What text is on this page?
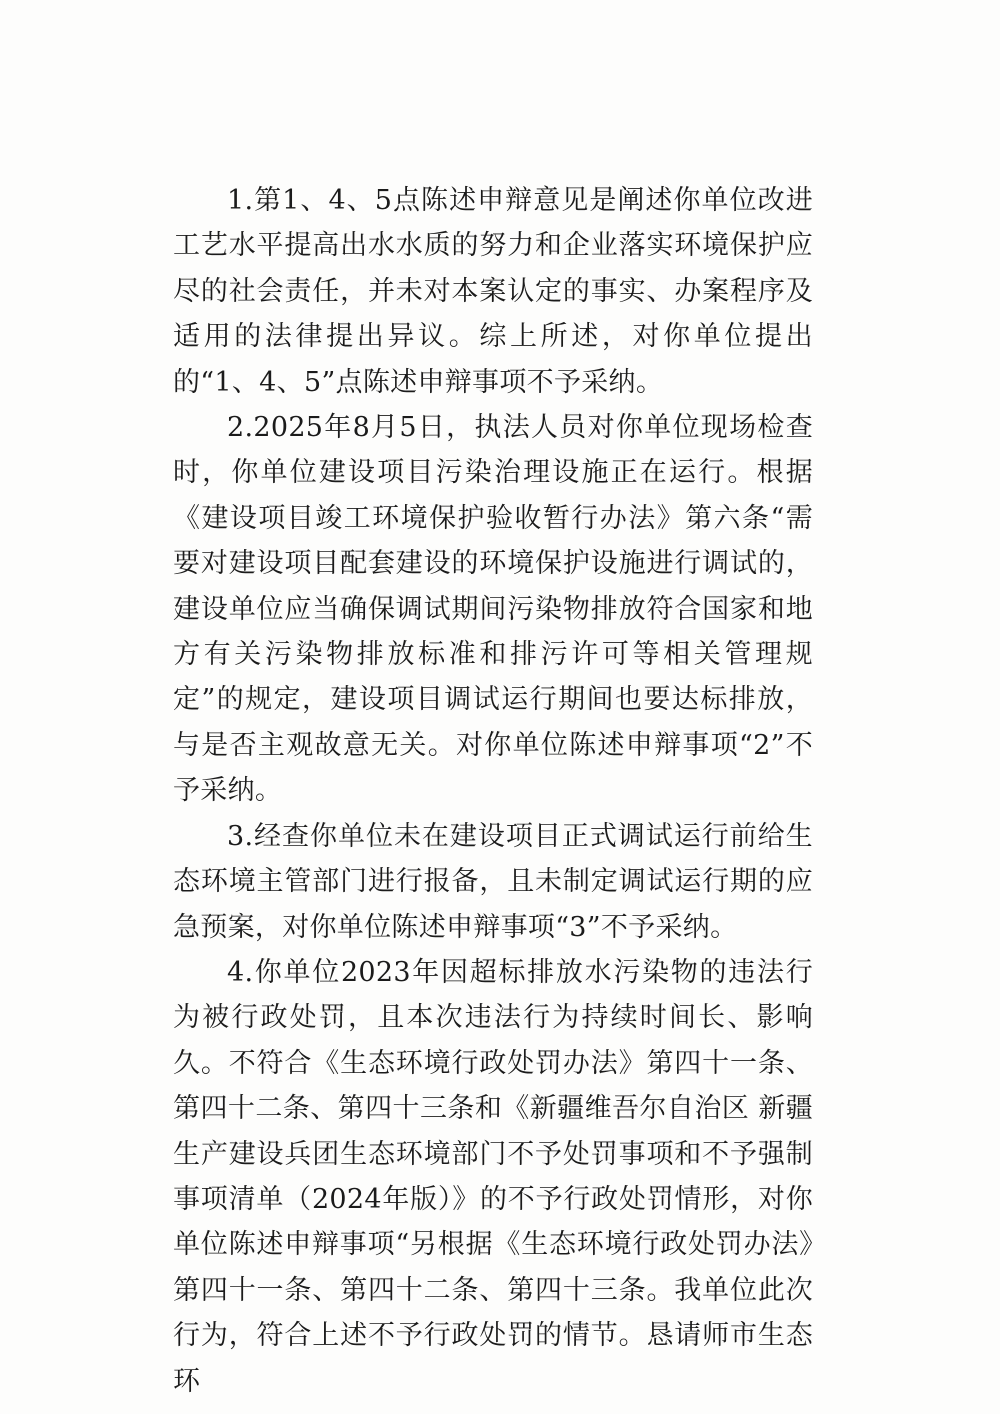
1.第1、4、5点陈述申辩意见是阐述你单位改进工艺水平提高出水水质的努力和企业落实环境保护应尽的社会责任，并未对本案认定的事实、办案程序及适用的法律提出异议。综上所述，对你单位提出的“1、4、5”点陈述申辩事项不予采纳。

2.2025年8月5日，执法人员对你单位现场检查时，你单位建设项目污染治理设施正在运行。根据《建设项目竣工环境保护验收暂行办法》第六条“需要对建设项目配套建设的环境保护设施进行调试的，建设单位应当确保调试期间污染物排放符合国家和地方有关污染物排放标准和排污许可等相关管理规定”的规定，建设项目调试运行期间也要达标排放，与是否主观故意无关。对你单位陈述申辩事项“2”不予采纳。

3.经查你单位未在建设项目正式调试运行前给生态环境主管部门进行报备，且未制定调试运行期的应急预案，对你单位陈述申辩事项“3”不予采纳。

4.你单位2023年因超标排放水污染物的违法行为被行政处罚，且本次违法行为持续时间长、影响久。不符合《生态环境行政处罚办法》第四十一条、第四十二条、第四十三条和《新疆维吾尔自治区 新疆生产建设兵团生态环境部门不予处罚事项和不予强制事项清单（2024年版）》的不予行政处罚情形，对你单位陈述申辩事项“另根据《生态环境行政处罚办法》第四十一条、第四十二条、第四十三条。我单位此次行为，符合上述不予行政处罚的情节。恳请师市生态环
